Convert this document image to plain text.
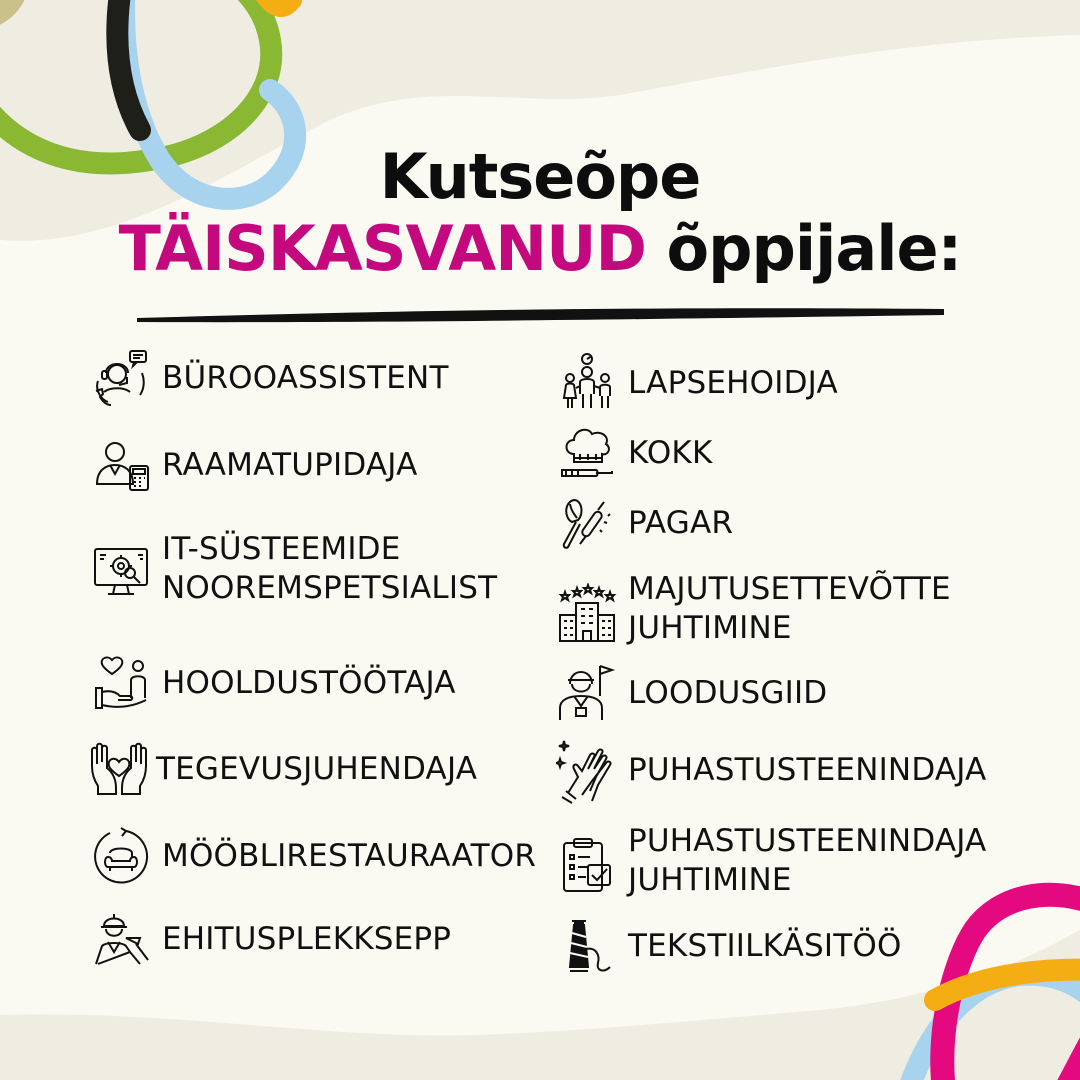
Kutseõpe
TÄISKASVANUD õppijale:
BÜROOASSISTENT
RAAMATUPIDAJA
IT-SÜSTEEMIDE
NOOREMSPETSIALIST
HOOLDUSTÖÖTAJA
TEGEVUSJUHENDAJA
MÖÖBLIRESTAURAATOR
EHITUSPLEKKSEPP
LAPSEHOIDJA
KOKK
PAGAR
MAJUTUSETTEVÕTTE
JUHTIMINE
LOODUSGIID
PUHASTUSTEENINDAJA
PUHASTUSTEENINDAJA
JUHTIMINE
TEKSTIILKÄSITÖÖ
